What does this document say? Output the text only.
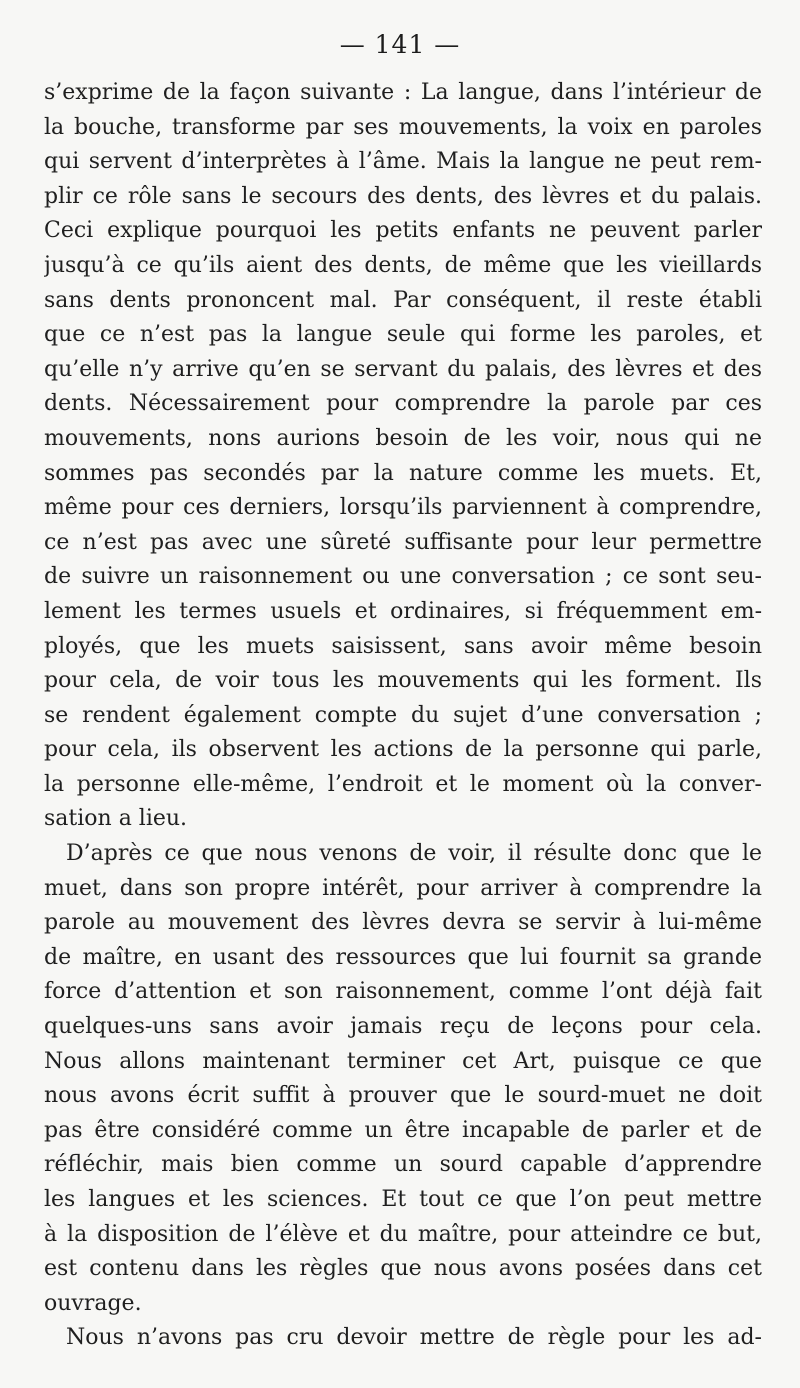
— 141 —
s’exprime de la façon suivante : La langue, dans l’intérieur de
la bouche, transforme par ses mouvements, la voix en paroles
qui servent d’interprètes à l’âme. Mais la langue ne peut rem-
plir ce rôle sans le secours des dents, des lèvres et du palais.
Ceci explique pourquoi les petits enfants ne peuvent parler
jusqu’à ce qu’ils aient des dents, de même que les vieillards
sans dents prononcent mal. Par conséquent, il reste établi
que ce n’est pas la langue seule qui forme les paroles, et
qu’elle n’y arrive qu’en se servant du palais, des lèvres et des
dents. Nécessairement pour comprendre la parole par ces
mouvements, nons aurions besoin de les voir, nous qui ne
sommes pas secondés par la nature comme les muets. Et,
même pour ces derniers, lorsqu’ils parviennent à comprendre,
ce n’est pas avec une sûreté suffisante pour leur permettre
de suivre un raisonnement ou une conversation ; ce sont seu-
lement les termes usuels et ordinaires, si fréquemment em-
ployés, que les muets saisissent, sans avoir même besoin
pour cela, de voir tous les mouvements qui les forment. Ils
se rendent également compte du sujet d’une conversation ;
pour cela, ils observent les actions de la personne qui parle,
la personne elle-même, l’endroit et le moment où la conver-
sation a lieu.
D’après ce que nous venons de voir, il résulte donc que le
muet, dans son propre intérêt, pour arriver à comprendre la
parole au mouvement des lèvres devra se servir à lui-même
de maître, en usant des ressources que lui fournit sa grande
force d’attention et son raisonnement, comme l’ont déjà fait
quelques-uns sans avoir jamais reçu de leçons pour cela.
Nous allons maintenant terminer cet Art, puisque ce que
nous avons écrit suffit à prouver que le sourd-muet ne doit
pas être considéré comme un être incapable de parler et de
réfléchir, mais bien comme un sourd capable d’apprendre
les langues et les sciences. Et tout ce que l’on peut mettre
à la disposition de l’élève et du maître, pour atteindre ce but,
est contenu dans les règles que nous avons posées dans cet
ouvrage.
Nous n’avons pas cru devoir mettre de règle pour les ad-
